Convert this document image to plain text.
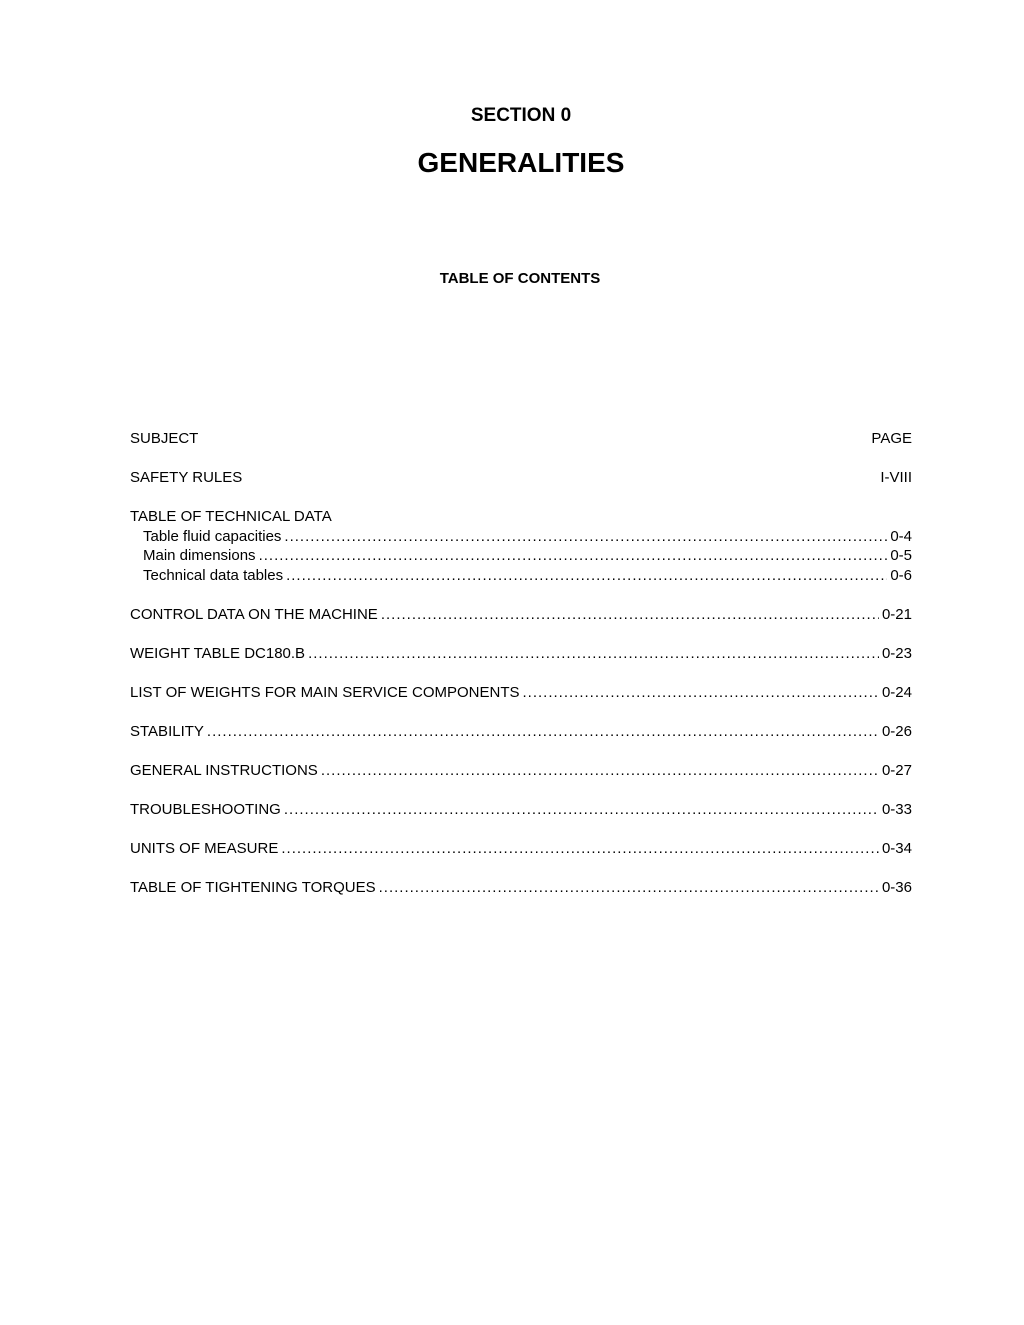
SECTION 0
GENERALITIES
TABLE OF CONTENTS
SUBJECT	PAGE
SAFETY RULES	I-VIII
TABLE OF TECHNICAL DATA
Table fluid capacities .....	0-4
Main dimensions .....	0-5
Technical data tables .....	0-6
CONTROL DATA ON THE MACHINE .....	0-21
WEIGHT TABLE DC180.B .....	0-23
LIST OF WEIGHTS FOR MAIN SERVICE COMPONENTS .....	0-24
STABILITY .....	0-26
GENERAL INSTRUCTIONS .....	0-27
TROUBLESHOOTING .....	0-33
UNITS OF MEASURE .....	0-34
TABLE OF TIGHTENING TORQUES .....	0-36
